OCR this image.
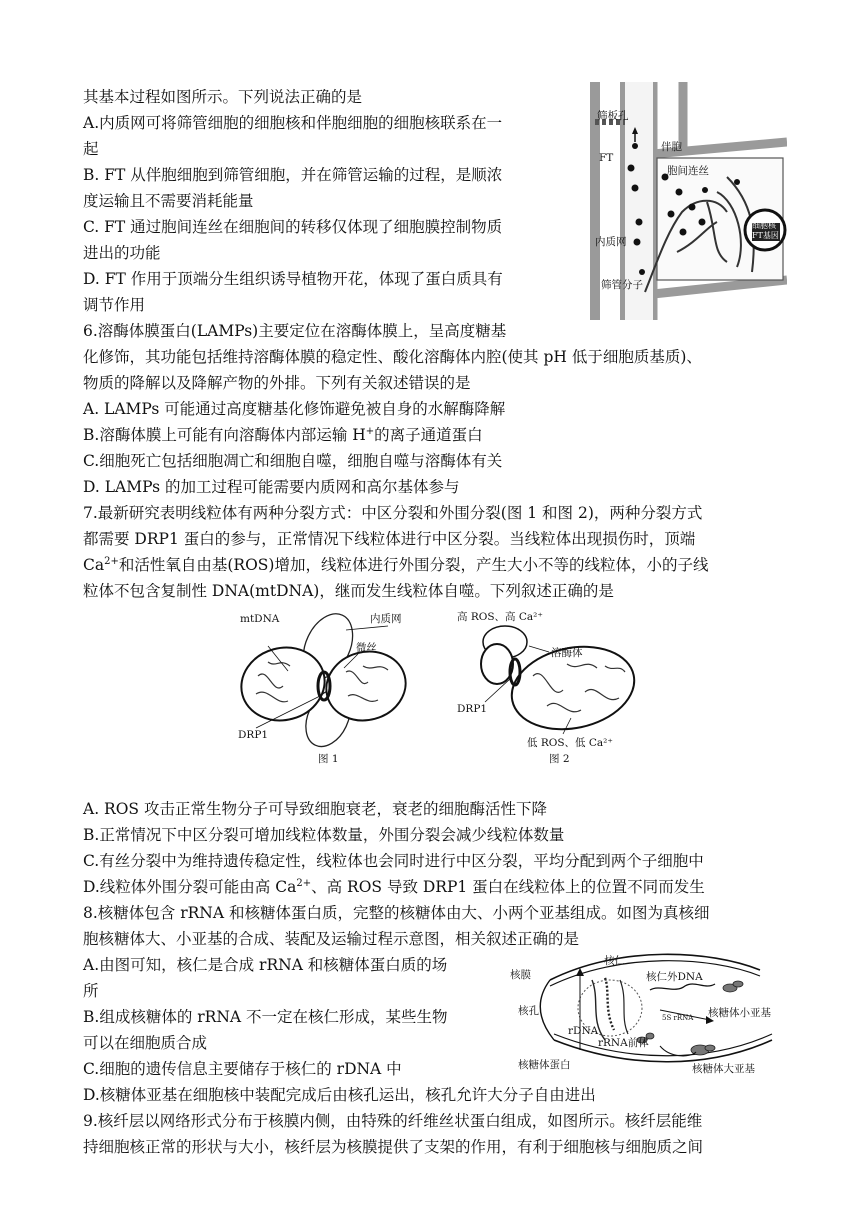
其基本过程如图所示。下列说法正确的是
A.内质网可将筛管细胞的细胞核和伴胞细胞的细胞核联系在一
起
B. FT 从伴胞细胞到筛管细胞，并在筛管运输的过程，是顺浓
度运输且不需要消耗能量
C. FT 通过胞间连丝在细胞间的转移仅体现了细胞膜控制物质
进出的功能
D. FT 作用于顶端分生组织诱导植物开花，体现了蛋白质具有
调节作用
筛板孔
FT
伴胞
胞间连丝
内质网
筛管分子
细胞核
FT基因
6.溶酶体膜蛋白(LAMPs)主要定位在溶酶体膜上，呈高度糖基
化修饰，其功能包括维持溶酶体膜的稳定性、酸化溶酶体内腔(使其 pH 低于细胞质基质)、
物质的降解以及降解产物的外排。下列有关叙述错误的是
A. LAMPs 可能通过高度糖基化修饰避免被自身的水解酶降解
B.溶酶体膜上可能有向溶酶体内部运输 H+的离子通道蛋白
C.细胞死亡包括细胞凋亡和细胞自噬，细胞自噬与溶酶体有关
D. LAMPs 的加工过程可能需要内质网和高尔基体参与
7.最新研究表明线粒体有两种分裂方式：中区分裂和外围分裂(图 1 和图 2)，两种分裂方式
都需要 DRP1 蛋白的参与，正常情况下线粒体进行中区分裂。当线粒体出现损伤时，顶端
$Ca^{2+}$和活性氧自由基(ROS)增加，线粒体进行外围分裂，产生大小不等的线粒体，小的子线
粒体不包含复制性 DNA(mtDNA)，继而发生线粒体自噬。下列叙述正确的是
mtDNA	内质网
微丝
DRP1
图 1
高 ROS、高 Ca²⁺
溶酶体
DRP1
低 ROS、低 Ca²⁺
图 2
A. ROS 攻击正常生物分子可导致细胞衰老，衰老的细胞酶活性下降
B.正常情况下中区分裂可增加线粒体数量，外围分裂会减少线粒体数量
C.有丝分裂中为维持遗传稳定性，线粒体也会同时进行中区分裂，平均分配到两个子细胞中
D.线粒体外围分裂可能由高 $Ca^{2+}$、高 ROS 导致 DRP1 蛋白在线粒体上的位置不同而发生
8.核糖体包含 rRNA 和核糖体蛋白质，完整的核糖体由大、小两个亚基组成。如图为真核细
胞核糖体大、小亚基的合成、装配及运输过程示意图，相关叙述正确的是
A.由图可知，核仁是合成 rRNA 和核糖体蛋白质的场
所
B.组成核糖体的 rRNA 不一定在核仁形成，某些生物
可以在细胞质合成
C.细胞的遗传信息主要储存于核仁的 rDNA 中
D.核糖体亚基在细胞核中装配完成后由核孔运出，核孔允许大分子自由进出
核膜
核仁
核仁外DNA
核孔
rDNA
5S rRNA 核糖体小亚基
rRNA前体
核糖体蛋白	核糖体大亚基
9.核纤层以网络形式分布于核膜内侧，由特殊的纤维丝状蛋白组成，如图所示。核纤层能维
持细胞核正常的形状与大小，核纤层为核膜提供了支架的作用，有利于细胞核与细胞质之间
